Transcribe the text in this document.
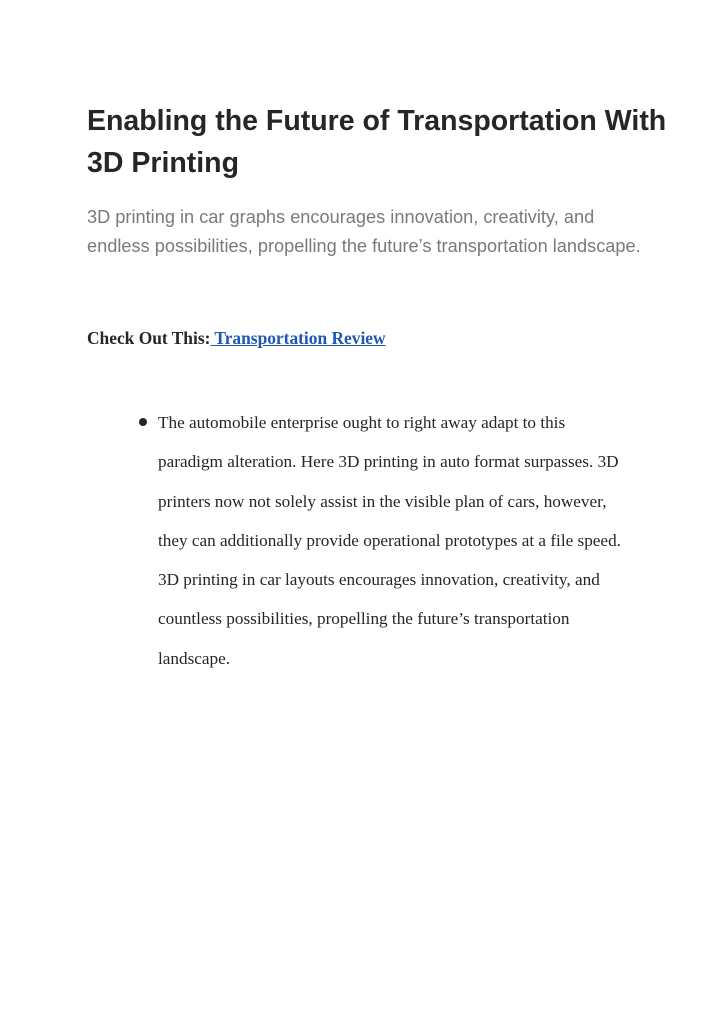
Enabling the Future of Transportation With 3D Printing

3D printing in car graphs encourages innovation, creativity, and endless possibilities, propelling the future’s transportation landscape.

Check Out This: Transportation Review

The automobile enterprise ought to right away adapt to this paradigm alteration. Here 3D printing in auto format surpasses. 3D printers now not solely assist in the visible plan of cars, however, they can additionally provide operational prototypes at a file speed. 3D printing in car layouts encourages innovation, creativity, and countless possibilities, propelling the future’s transportation landscape.
